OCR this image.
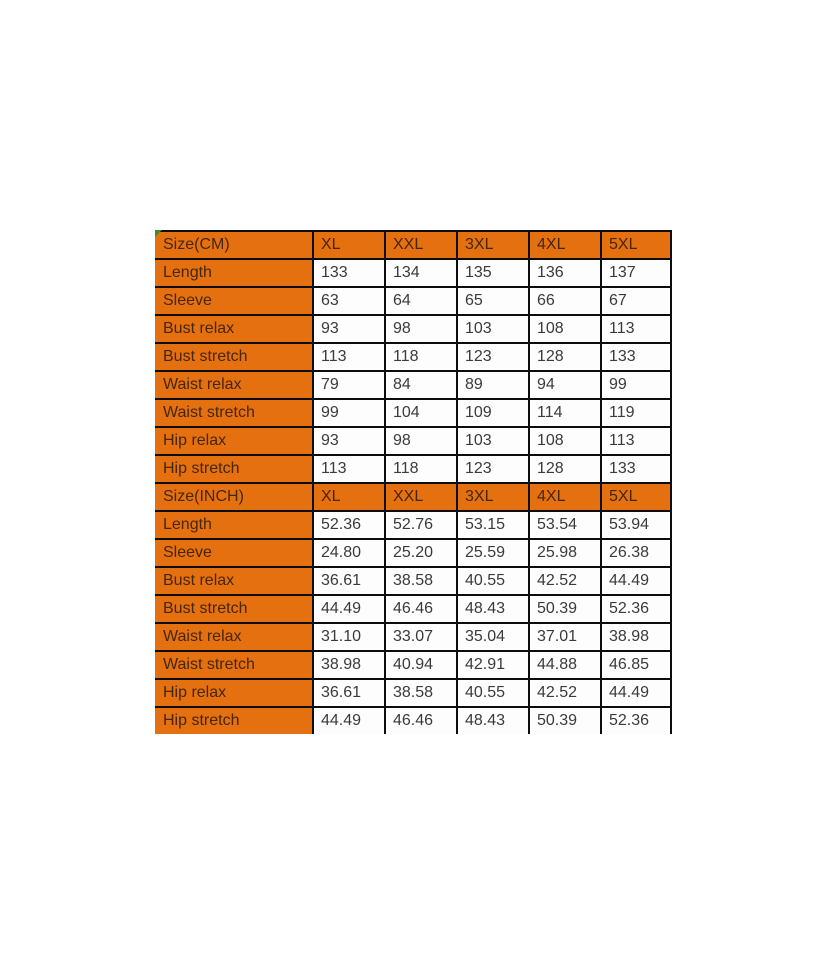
Size(CM)	XL	XXL	3XL	4XL	5XL
Length	133	134	135	136	137
Sleeve	63	64	65	66	67
Bust relax	93	98	103	108	113
Bust stretch	113	118	123	128	133
Waist relax	79	84	89	94	99
Waist stretch	99	104	109	114	119
Hip relax	93	98	103	108	113
Hip stretch	113	118	123	128	133
Size(INCH)	XL	XXL	3XL	4XL	5XL
Length	52.36	52.76	53.15	53.54	53.94
Sleeve	24.80	25.20	25.59	25.98	26.38
Bust relax	36.61	38.58	40.55	42.52	44.49
Bust stretch	44.49	46.46	48.43	50.39	52.36
Waist relax	31.10	33.07	35.04	37.01	38.98
Waist stretch	38.98	40.94	42.91	44.88	46.85
Hip relax	36.61	38.58	40.55	42.52	44.49
Hip stretch	44.49	46.46	48.43	50.39	52.36
